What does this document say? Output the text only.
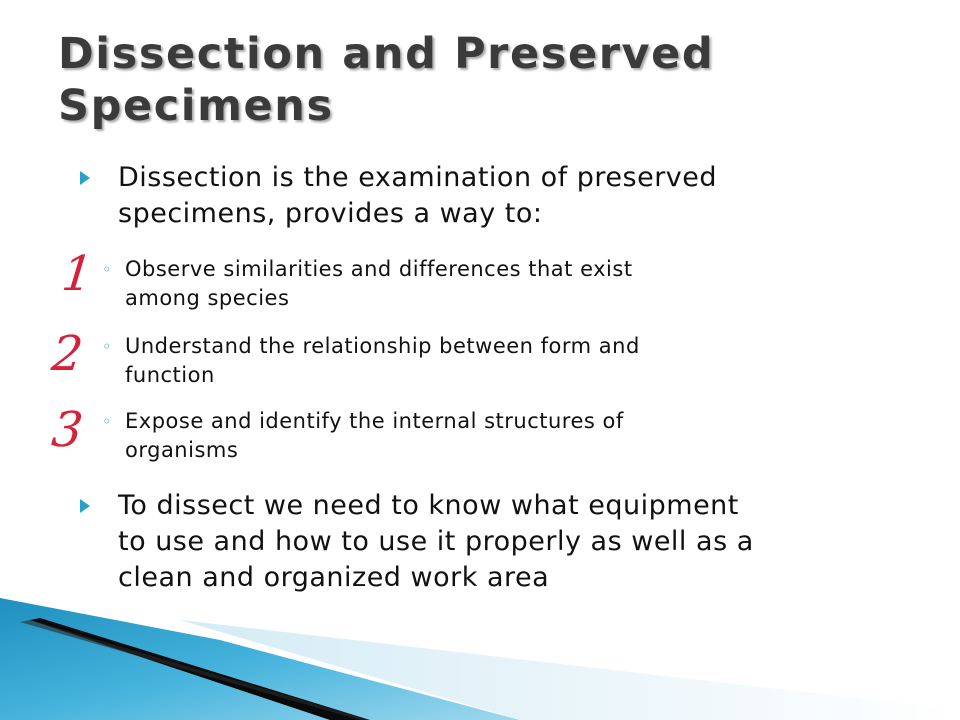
Dissection and Preserved
Specimens
Dissection is the examination of preserved
specimens, provides a way to:
1
2
3
◦ Observe similarities and differences that exist
among species
◦ Understand the relationship between form and
function
◦ Expose and identify the internal structures of
organisms
To dissect we need to know what equipment
to use and how to use it properly as well as a
clean and organized work area
